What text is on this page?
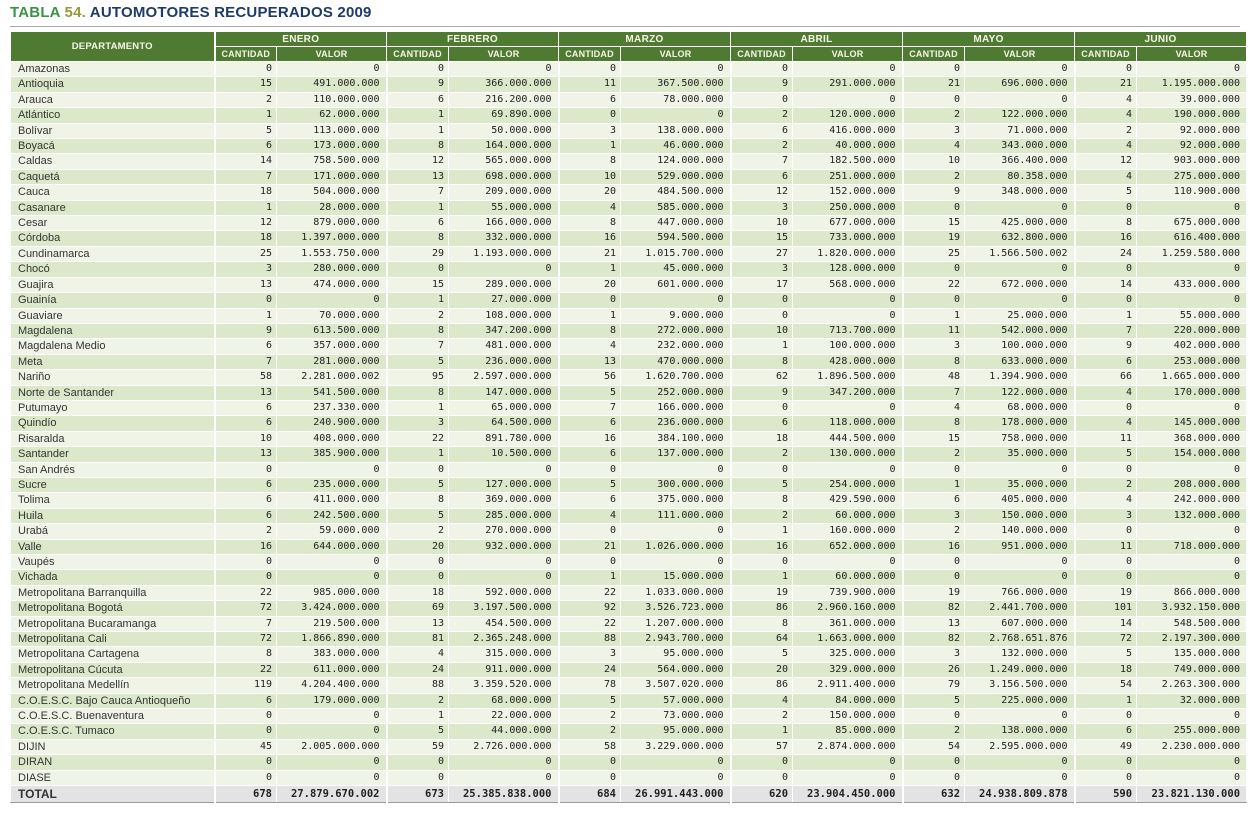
TABLA 54. AUTOMOTORES RECUPERADOS 2009
DEPARTAMENTO	ENERO		FEBRERO		MARZO		ABRIL		MAYO		JUNIO	
	CANTIDAD	VALOR	CANTIDAD	VALOR	CANTIDAD	VALOR	CANTIDAD	VALOR	CANTIDAD	VALOR	CANTIDAD	VALOR
Amazonas	0	0	0	0	0	0	0	0	0	0	0	0
Antioquia	15	491.000.000	9	366.000.000	11	367.500.000	9	291.000.000	21	696.000.000	21	1.195.000.000
Arauca	2	110.000.000	6	216.200.000	6	78.000.000	0	0	0	0	4	39.000.000
Atlántico	1	62.000.000	1	69.890.000	0	0	2	120.000.000	2	122.000.000	4	190.000.000
Bolívar	5	113.000.000	1	50.000.000	3	138.000.000	6	416.000.000	3	71.000.000	2	92.000.000
Boyacá	6	173.000.000	8	164.000.000	1	46.000.000	2	40.000.000	4	343.000.000	4	92.000.000
Caldas	14	758.500.000	12	565.000.000	8	124.000.000	7	182.500.000	10	366.400.000	12	903.000.000
Caquetá	7	171.000.000	13	698.000.000	10	529.000.000	6	251.000.000	2	80.358.000	4	275.000.000
Cauca	18	504.000.000	7	209.000.000	20	484.500.000	12	152.000.000	9	348.000.000	5	110.900.000
Casanare	1	28.000.000	1	55.000.000	4	585.000.000	3	250.000.000	0	0	0	0
Cesar	12	879.000.000	6	166.000.000	8	447.000.000	10	677.000.000	15	425.000.000	8	675.000.000
Córdoba	18	1.397.000.000	8	332.000.000	16	594.500.000	15	733.000.000	19	632.800.000	16	616.400.000
Cundinamarca	25	1.553.750.000	29	1.193.000.000	21	1.015.700.000	27	1.820.000.000	25	1.566.500.002	24	1.259.580.000
Chocó	3	280.000.000	0	0	1	45.000.000	3	128.000.000	0	0	0	0
Guajira	13	474.000.000	15	289.000.000	20	601.000.000	17	568.000.000	22	672.000.000	14	433.000.000
Guainía	0	0	1	27.000.000	0	0	0	0	0	0	0	0
Guaviare	1	70.000.000	2	108.000.000	1	9.000.000	0	0	1	25.000.000	1	55.000.000
Magdalena	9	613.500.000	8	347.200.000	8	272.000.000	10	713.700.000	11	542.000.000	7	220.000.000
Magdalena Medio	6	357.000.000	7	481.000.000	4	232.000.000	1	100.000.000	3	100.000.000	9	402.000.000
Meta	7	281.000.000	5	236.000.000	13	470.000.000	8	428.000.000	8	633.000.000	6	253.000.000
Nariño	58	2.281.000.002	95	2.597.000.000	56	1.620.700.000	62	1.896.500.000	48	1.394.900.000	66	1.665.000.000
Norte de Santander	13	541.500.000	8	147.000.000	5	252.000.000	9	347.200.000	7	122.000.000	4	170.000.000
Putumayo	6	237.330.000	1	65.000.000	7	166.000.000	0	0	4	68.000.000	0	0
Quindío	6	240.900.000	3	64.500.000	6	236.000.000	6	118.000.000	8	178.000.000	4	145.000.000
Risaralda	10	408.000.000	22	891.780.000	16	384.100.000	18	444.500.000	15	758.000.000	11	368.000.000
Santander	13	385.900.000	1	10.500.000	6	137.000.000	2	130.000.000	2	35.000.000	5	154.000.000
San Andrés	0	0	0	0	0	0	0	0	0	0	0	0
Sucre	6	235.000.000	5	127.000.000	5	300.000.000	5	254.000.000	1	35.000.000	2	208.000.000
Tolima	6	411.000.000	8	369.000.000	6	375.000.000	8	429.590.000	6	405.000.000	4	242.000.000
Huila	6	242.500.000	5	285.000.000	4	111.000.000	2	60.000.000	3	150.000.000	3	132.000.000
Urabá	2	59.000.000	2	270.000.000	0	0	1	160.000.000	2	140.000.000	0	0
Valle	16	644.000.000	20	932.000.000	21	1.026.000.000	16	652.000.000	16	951.000.000	11	718.000.000
Vaupés	0	0	0	0	0	0	0	0	0	0	0	0
Vichada	0	0	0	0	1	15.000.000	1	60.000.000	0	0	0	0
Metropolitana Barranquilla	22	985.000.000	18	592.000.000	22	1.033.000.000	19	739.900.000	19	766.000.000	19	866.000.000
Metropolitana Bogotá	72	3.424.000.000	69	3.197.500.000	92	3.526.723.000	86	2.960.160.000	82	2.441.700.000	101	3.932.150.000
Metropolitana Bucaramanga	7	219.500.000	13	454.500.000	22	1.207.000.000	8	361.000.000	13	607.000.000	14	548.500.000
Metropolitana Cali	72	1.866.890.000	81	2.365.248.000	88	2.943.700.000	64	1.663.000.000	82	2.768.651.876	72	2.197.300.000
Metropolitana Cartagena	8	383.000.000	4	315.000.000	3	95.000.000	5	325.000.000	3	132.000.000	5	135.000.000
Metropolitana Cúcuta	22	611.000.000	24	911.000.000	24	564.000.000	20	329.000.000	26	1.249.000.000	18	749.000.000
Metropolitana Medellín	119	4.204.400.000	88	3.359.520.000	78	3.507.020.000	86	2.911.400.000	79	3.156.500.000	54	2.263.300.000
C.O.E.S.C. Bajo Cauca Antioqueño	6	179.000.000	2	68.000.000	5	57.000.000	4	84.000.000	5	225.000.000	1	32.000.000
C.O.E.S.C. Buenaventura	0	0	1	22.000.000	2	73.000.000	2	150.000.000	0	0	0	0
C.O.E.S.C. Tumaco	0	0	5	44.000.000	2	95.000.000	1	85.000.000	2	138.000.000	6	255.000.000
DIJIN	45	2.005.000.000	59	2.726.000.000	58	3.229.000.000	57	2.874.000.000	54	2.595.000.000	49	2.230.000.000
DIRAN	0	0	0	0	0	0	0	0	0	0	0	0
DIASE	0	0	0	0	0	0	0	0	0	0	0	0
TOTAL	678	27.879.670.002	673	25.385.838.000	684	26.991.443.000	620	23.904.450.000	632	24.938.809.878	590	23.821.130.000
